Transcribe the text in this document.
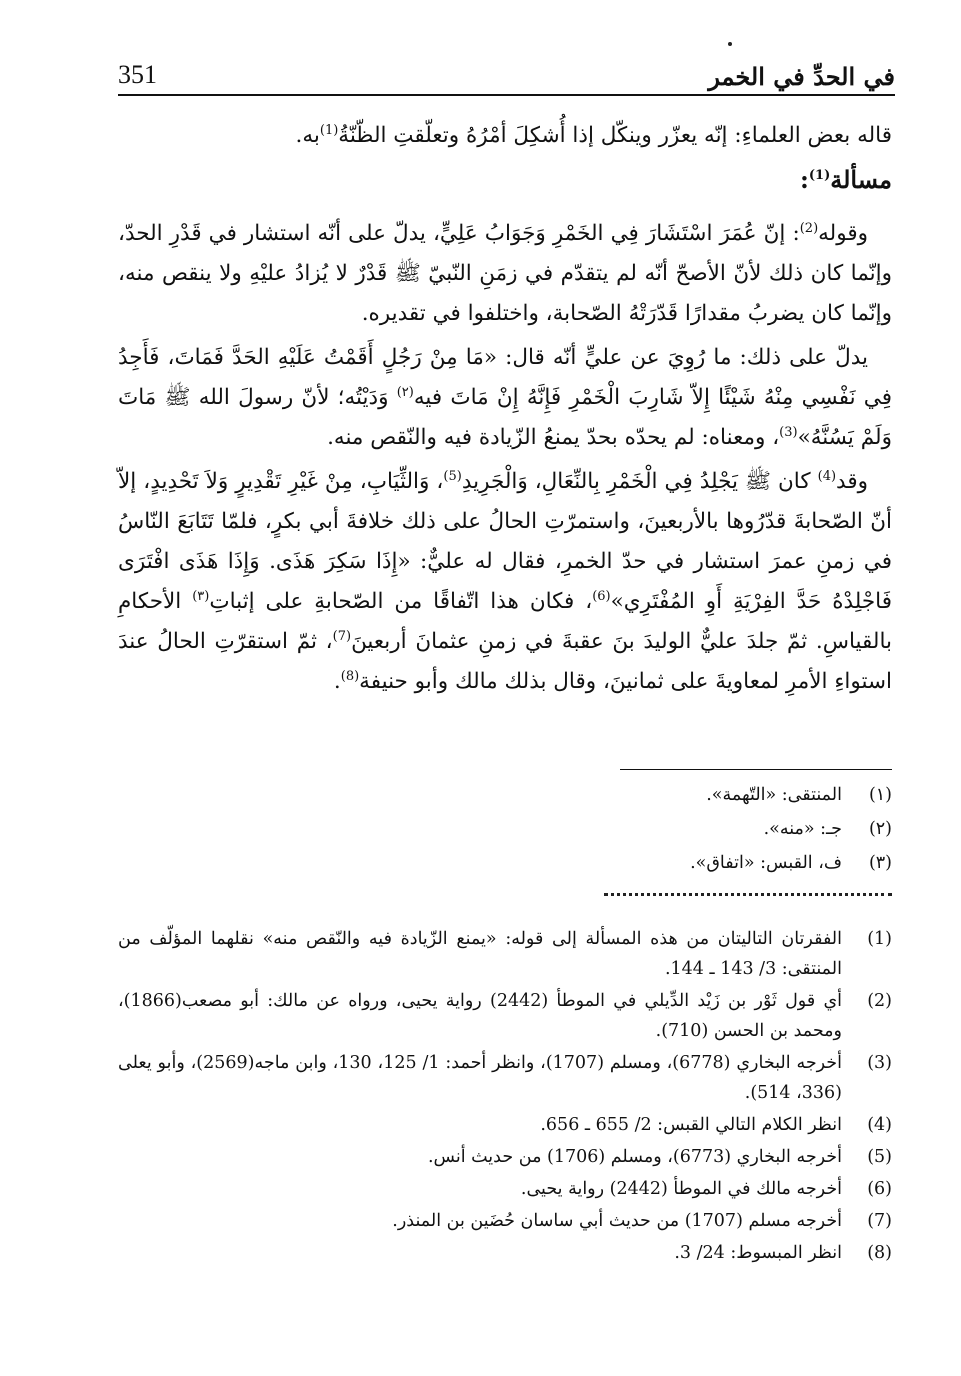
351	في الحدِّ في الخمر

قاله بعض العلماءِ: إنّه يعزّر وينكّل إذا أُشكِلَ أمْرُهُ وتعلّقتِ الظّنّةُ$^{(1)}$به.

مسألة$^{(1)}$:

وقوله$^{(2)}$: إنّ عُمَرَ اسْتَشَارَ فِي الخَمْرِ وَجَوَابُ عَلِيٍّ، يدلّ على أنّه استشار في قَدْرِ الحدّ، وإنّما كان ذلك لأنّ الأصحّ أنّه لم يتقدّم في زمَنِ النّبيّ ﷺ قَدْرٌ لا يُزادُ عليْهِ ولا ينقص منه، وإنّما كان يضربُ مقدارًا قَدّرَتْهُ الصّحابة، واختلفوا في تقديره.

يدلّ على ذلك: ما رُوِيَ عن عليٍّ أنّه قال: «مَا مِنْ رَجُلٍ أَقَمْتُ عَلَيْهِ الحَدَّ فَمَاتَ، فَأَجِدُ فِي نَفْسِي مِنْهُ شَيْئًا إِلاّ شَارِبَ الْخَمْرِ فَإِنَّهُ إِنْ مَاتَ فيه$^{(٢)}$ وَدَيْتُه؛ لأنّ رسولَ الله ﷺ مَاتَ وَلَمْ يَسُنَّهُ»$^{(3)}$، ومعناه: لم يحدّه بحدّ يمنعُ الزّيادة فيه والنّقص منه.

وقد$^{(4)}$ كان ﷺ يَجْلِدُ فِي الْخَمْرِ بِالنِّعَالِ، وَالْجَرِيدِ$^{(5)}$، وَالثِّيَابِ، مِنْ غَيْرِ تَقْدِيرٍ وَلاَ تَحْدِيدٍ، إلاّ أنّ الصّحابةَ قدّرُوها بالأربعينَ، واستمرّتِ الحالُ على ذلك خلافةَ أبي بكرٍ، فلمّا تَتَابَعَ النّاسُ في زمنِ عمرَ استشار في حدّ الخمرِ، فقال له عليٌّ: «إِذَا سَكِرَ هَذَى. وَإِذَا هَذَى افْتَرَى فَاجْلِدْهُ حَدَّ الفِرْيَةِ أَوِ المُفْتَرِي»$^{(6)}$، فكان هذا اتّفاقًا من الصّحابةِ على إثباتِ$^{(٣)}$ الأحكامِ بالقياسِ. ثمّ جلدَ عليٌّ الوليدَ بنَ عقبةَ في زمنِ عثمانَ أربعينَ$^{(7)}$، ثمّ استقرّتِ الحالُ عندَ استواءِ الأمرِ لمعاويةَ على ثمانينَ، وقال بذلك مالك وأبو حنيفة$^{(8)}$.

(١)
المنتقى: «التّهمة».
(٢)
جـ: «منه».
(٣)
ف، القبس: «اتفاق».
(1)
الفقرتان التاليتان من هذه المسألة إلى قوله: «يمنع الزّيادة فيه والنّقص منه» نقلهما المؤلّف من المنتقى: 3/ 143 ـ 144.
(2)
أي قول ثَوْر بن زَيْد الدِّيلي في الموطأ (2442) رواية يحيى، ورواه عن مالك: أبو مصعب(1866)، ومحمد بن الحسن (710).
(3)
أخرجه البخاري (6778)، ومسلم (1707)، وانظر أحمد: 1/ 125، 130، وابن ماجه(2569)، وأبو يعلى (336، 514).
(4)
انظر الكلام التالي القبس: 2/ 655 ـ 656.
(5)
أخرجه البخاري (6773)، ومسلم (1706) من حديث أنس.
(6)
أخرجه مالك في الموطأ (2442) رواية يحيى.
(7)
أخرجه مسلم (1707) من حديث أبي ساسان حُضَين بن المنذر.
(8)
انظر المبسوط: 24/ 3.
